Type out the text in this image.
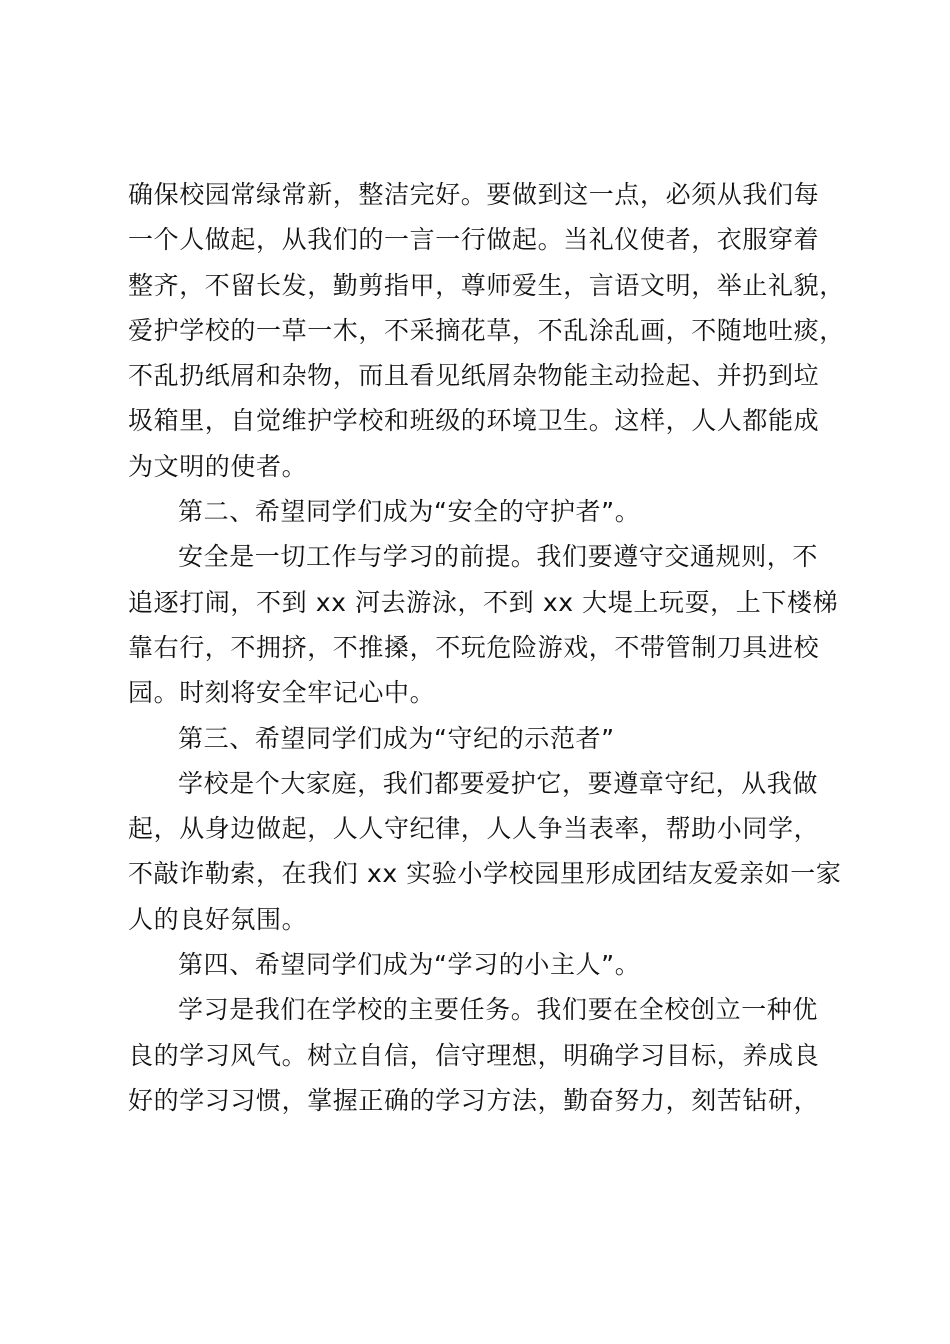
确保校园常绿常新，整洁完好。要做到这一点，必须从我们每
一个人做起，从我们的一言一行做起。当礼仪使者，衣服穿着
整齐，不留长发，勤剪指甲，尊师爱生，言语文明，举止礼貌，
爱护学校的一草一木，不采摘花草，不乱涂乱画，不随地吐痰，
不乱扔纸屑和杂物，而且看见纸屑杂物能主动捡起、并扔到垃
圾箱里，自觉维护学校和班级的环境卫生。这样，人人都能成
为文明的使者。
第二、希望同学们成为“安全的守护者”。
安全是一切工作与学习的前提。我们要遵守交通规则，不
追逐打闹，不到 xx 河去游泳，不到 xx 大堤上玩耍，上下楼梯
靠右行，不拥挤，不推搡，不玩危险游戏，不带管制刀具进校
园。时刻将安全牢记心中。
第三、希望同学们成为“守纪的示范者”
学校是个大家庭，我们都要爱护它，要遵章守纪，从我做
起，从身边做起，人人守纪律，人人争当表率，帮助小同学，
不敲诈勒索，在我们 xx 实验小学校园里形成团结友爱亲如一家
人的良好氛围。
第四、希望同学们成为“学习的小主人”。
学习是我们在学校的主要任务。我们要在全校创立一种优
良的学习风气。树立自信，信守理想，明确学习目标，养成良
好的学习习惯，掌握正确的学习方法，勤奋努力，刻苦钻研，
